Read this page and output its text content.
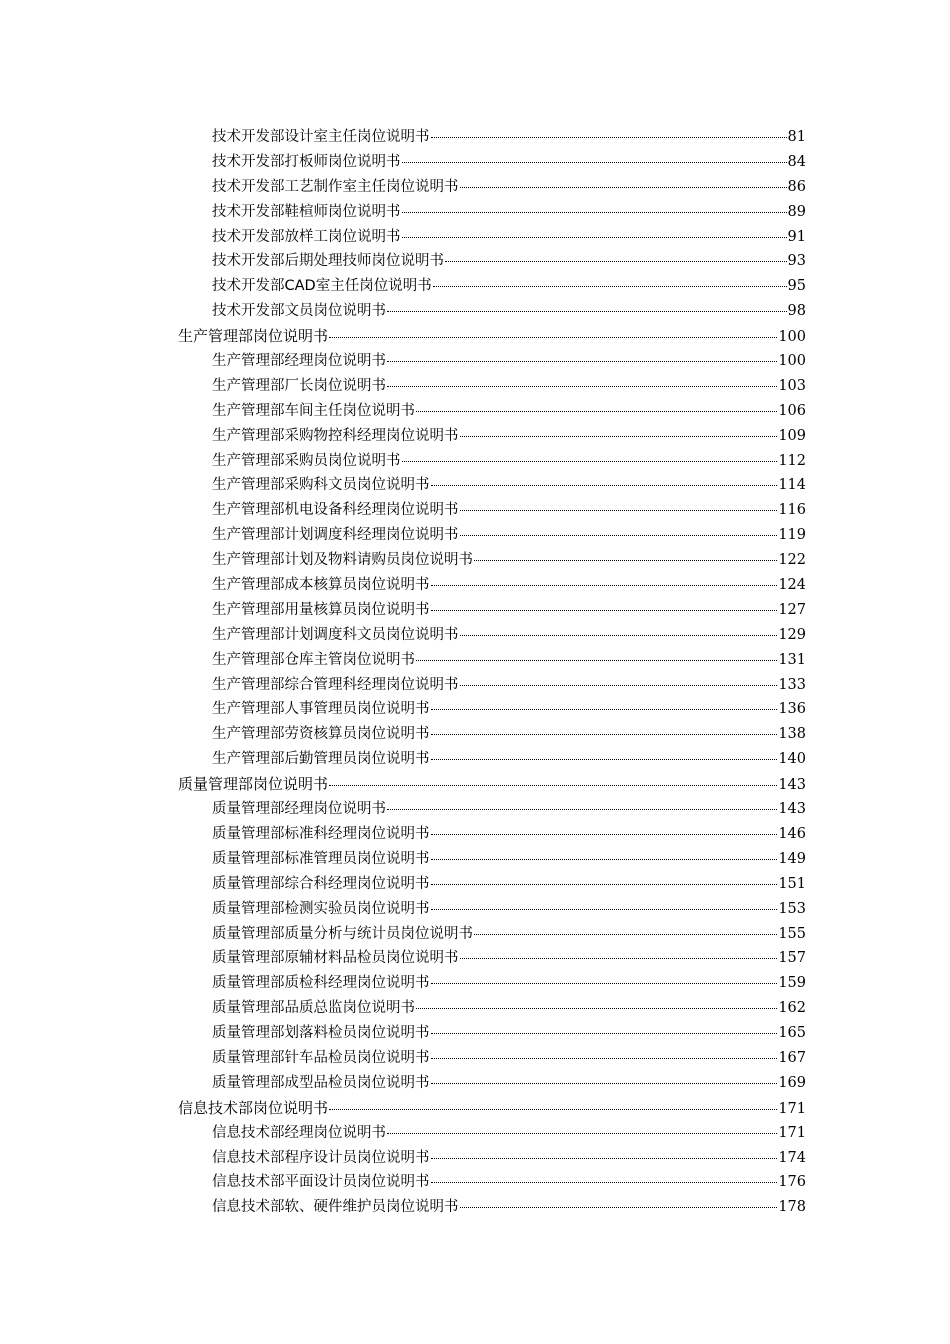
技术开发部设计室主任岗位说明书	81
技术开发部打板师岗位说明书	84
技术开发部工艺制作室主任岗位说明书	86
技术开发部鞋楦师岗位说明书	89
技术开发部放样工岗位说明书	91
技术开发部后期处理技师岗位说明书	93
技术开发部CAD室主任岗位说明书	95
技术开发部文员岗位说明书	98
生产管理部岗位说明书	100
生产管理部经理岗位说明书	100
生产管理部厂长岗位说明书	103
生产管理部车间主任岗位说明书	106
生产管理部采购物控科经理岗位说明书	109
生产管理部采购员岗位说明书	112
生产管理部采购科文员岗位说明书	114
生产管理部机电设备科经理岗位说明书	116
生产管理部计划调度科经理岗位说明书	119
生产管理部计划及物料请购员岗位说明书	122
生产管理部成本核算员岗位说明书	124
生产管理部用量核算员岗位说明书	127
生产管理部计划调度科文员岗位说明书	129
生产管理部仓库主管岗位说明书	131
生产管理部综合管理科经理岗位说明书	133
生产管理部人事管理员岗位说明书	136
生产管理部劳资核算员岗位说明书	138
生产管理部后勤管理员岗位说明书	140
质量管理部岗位说明书	143
质量管理部经理岗位说明书	143
质量管理部标准科经理岗位说明书	146
质量管理部标准管理员岗位说明书	149
质量管理部综合科经理岗位说明书	151
质量管理部检测实验员岗位说明书	153
质量管理部质量分析与统计员岗位说明书	155
质量管理部原辅材料品检员岗位说明书	157
质量管理部质检科经理岗位说明书	159
质量管理部品质总监岗位说明书	162
质量管理部划落料检员岗位说明书	165
质量管理部针车品检员岗位说明书	167
质量管理部成型品检员岗位说明书	169
信息技术部岗位说明书	171
信息技术部经理岗位说明书	171
信息技术部程序设计员岗位说明书	174
信息技术部平面设计员岗位说明书	176
信息技术部软、硬件维护员岗位说明书	178
